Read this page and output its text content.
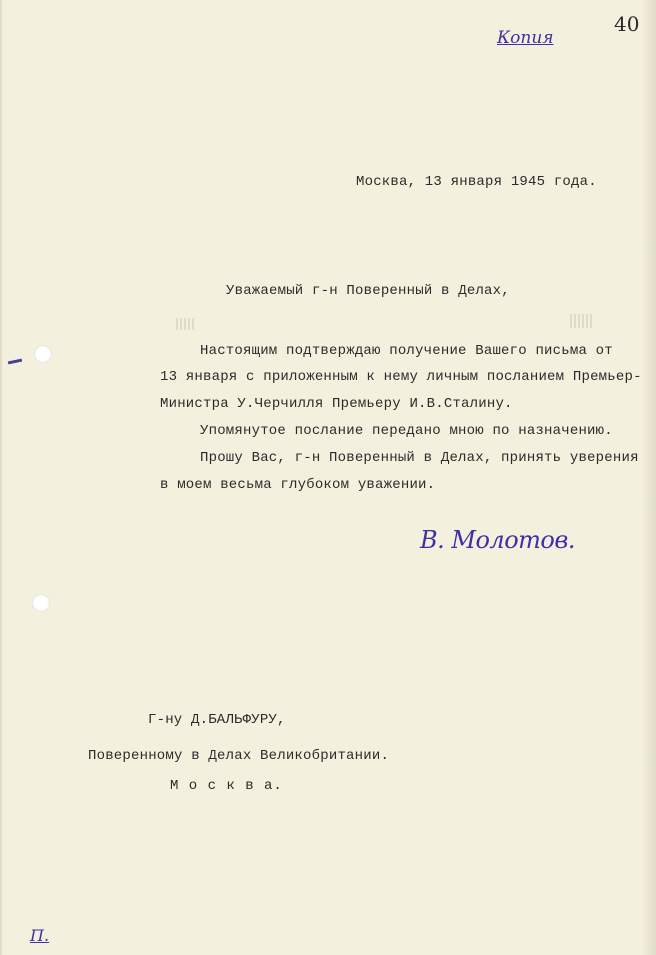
Копия
40
Москва, 13 января 1945 года.
Уважаемый г-н Поверенный в Делах,
Настоящим подтверждаю получение Вашего письма от
13 января с приложенным к нему личным посланием Премьер-
Министра У.Черчилля Премьеру И.В.Сталину.
Упомянутое послание передано мною по назначению.
Прошу Вас, г-н Поверенный в Делах, принять уверения
в моем весьма глубоком уважении.
В. Молотов.
Г-ну Д.БАЛЬФУРУ,
Поверенному в Делах Великобритании.
М о с к в а.
П.
